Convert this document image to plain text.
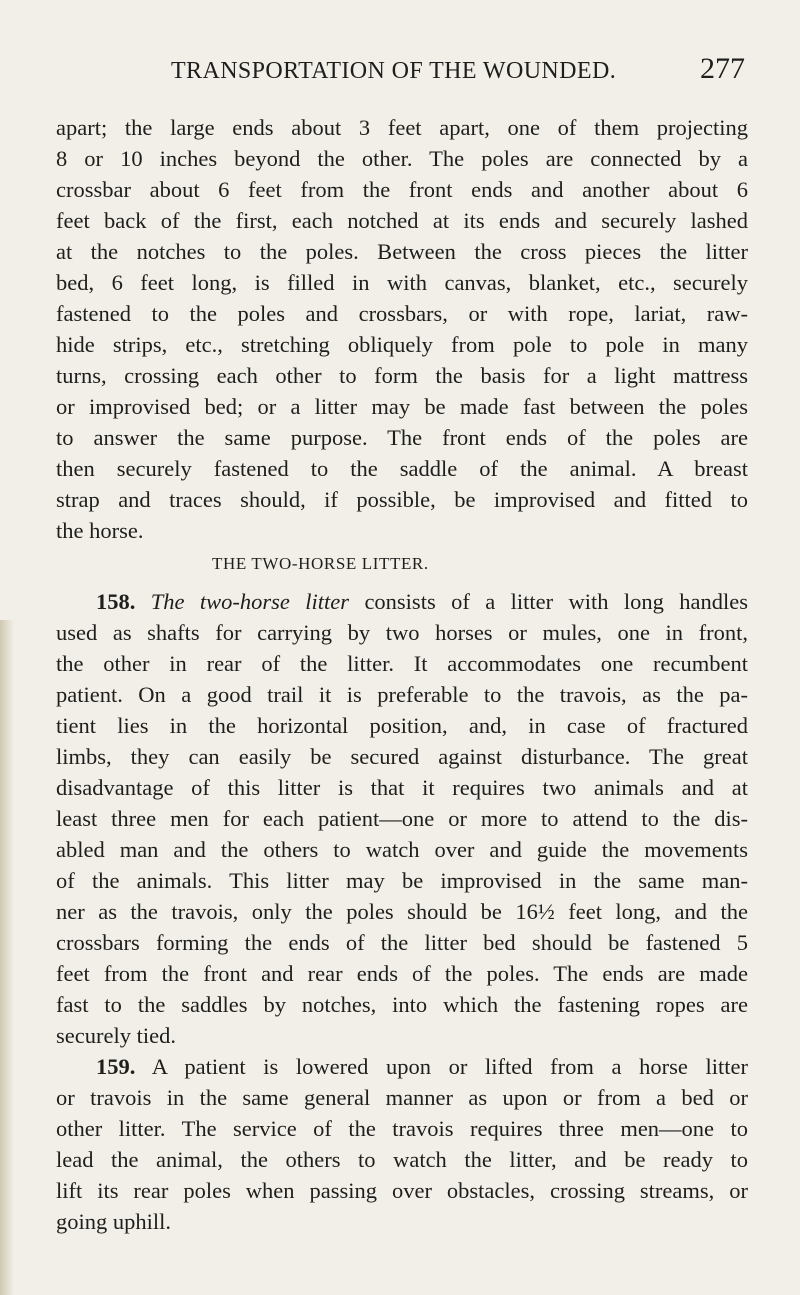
TRANSPORTATION OF THE WOUNDED.	277
apart; the large ends about 3 feet apart, one of them projecting
8 or 10 inches beyond the other. The poles are connected by a
crossbar about 6 feet from the front ends and another about 6
feet back of the first, each notched at its ends and securely lashed
at the notches to the poles. Between the cross pieces the litter
bed, 6 feet long, is filled in with canvas, blanket, etc., securely
fastened to the poles and crossbars, or with rope, lariat, raw-
hide strips, etc., stretching obliquely from pole to pole in many
turns, crossing each other to form the basis for a light mattress
or improvised bed; or a litter may be made fast between the poles
to answer the same purpose. The front ends of the poles are
then securely fastened to the saddle of the animal. A breast
strap and traces should, if possible, be improvised and fitted to
the horse.
THE TWO-HORSE LITTER.
158. The two-horse litter consists of a litter with long handles
used as shafts for carrying by two horses or mules, one in front,
the other in rear of the litter. It accommodates one recumbent
patient. On a good trail it is preferable to the travois, as the pa-
tient lies in the horizontal position, and, in case of fractured
limbs, they can easily be secured against disturbance. The great
disadvantage of this litter is that it requires two animals and at
least three men for each patient—one or more to attend to the dis-
abled man and the others to watch over and guide the movements
of the animals. This litter may be improvised in the same man-
ner as the travois, only the poles should be 16½ feet long, and the
crossbars forming the ends of the litter bed should be fastened 5
feet from the front and rear ends of the poles. The ends are made
fast to the saddles by notches, into which the fastening ropes are
securely tied.
159. A patient is lowered upon or lifted from a horse litter
or travois in the same general manner as upon or from a bed or
other litter. The service of the travois requires three men—one to
lead the animal, the others to watch the litter, and be ready to
lift its rear poles when passing over obstacles, crossing streams, or
going uphill.
